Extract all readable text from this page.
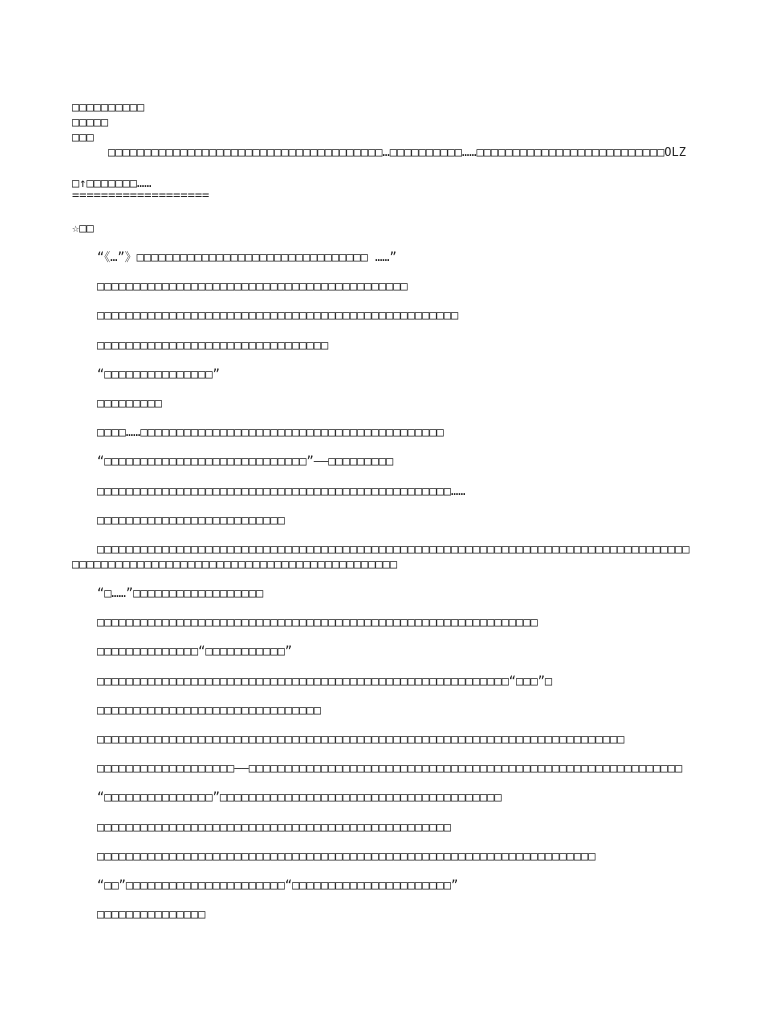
□□□□□□□□□□
□□□□□
□□□
□□□□□□□□□□□□□□□□□□□□□□□□□□□□□□□□□□□□□□…□□□□□□□□□□……□□□□□□□□□□□□□□□□□□□□□□□□□□OLZ
□↑□□□□□□□……
===================
☆□□

“《…”》□□□□□□□□□□□□□□□□□□□□□□□□□□□□□□□□ ……”

□□□□□□□□□□□□□□□□□□□□□□□□□□□□□□□□□□□□□□□□□□□

□□□□□□□□□□□□□□□□□□□□□□□□□□□□□□□□□□□□□□□□□□□□□□□□□□

□□□□□□□□□□□□□□□□□□□□□□□□□□□□□□□□

“□□□□□□□□□□□□□□□”

□□□□□□□□□

□□□□……□□□□□□□□□□□□□□□□□□□□□□□□□□□□□□□□□□□□□□□□□□

“□□□□□□□□□□□□□□□□□□□□□□□□□□□□”——□□□□□□□□□

□□□□□□□□□□□□□□□□□□□□□□□□□□□□□□□□□□□□□□□□□□□□□□□□□……

□□□□□□□□□□□□□□□□□□□□□□□□□□

□□□□□□□□□□□□□□□□□□□□□□□□□□□□□□□□□□□□□□□□□□□□□□□□□□□□□□□□□□□□□□□□□□□□□□□□□□□□□□□□□□□□□□□□□□□□□□□□□□□□□□□□□□□□□□□□□□□□□□□□□□□□□□□

“□……”□□□□□□□□□□□□□□□□□□

□□□□□□□□□□□□□□□□□□□□□□□□□□□□□□□□□□□□□□□□□□□□□□□□□□□□□□□□□□□□□

□□□□□□□□□□□□□□“□□□□□□□□□□□”

□□□□□□□□□□□□□□□□□□□□□□□□□□□□□□□□□□□□□□□□□□□□□□□□□□□□□□□□□“□□□”□

□□□□□□□□□□□□□□□□□□□□□□□□□□□□□□□

□□□□□□□□□□□□□□□□□□□□□□□□□□□□□□□□□□□□□□□□□□□□□□□□□□□□□□□□□□□□□□□□□□□□□□□□□

□□□□□□□□□□□□□□□□□□□——□□□□□□□□□□□□□□□□□□□□□□□□□□□□□□□□□□□□□□□□□□□□□□□□□□□□□□□□□□□□

“□□□□□□□□□□□□□□□”□□□□□□□□□□□□□□□□□□□□□□□□□□□□□□□□□□□□□□□

□□□□□□□□□□□□□□□□□□□□□□□□□□□□□□□□□□□□□□□□□□□□□□□□□

□□□□□□□□□□□□□□□□□□□□□□□□□□□□□□□□□□□□□□□□□□□□□□□□□□□□□□□□□□□□□□□□□□□□□

“□□”□□□□□□□□□□□□□□□□□□□□□□“□□□□□□□□□□□□□□□□□□□□□□”

□□□□□□□□□□□□□□□
